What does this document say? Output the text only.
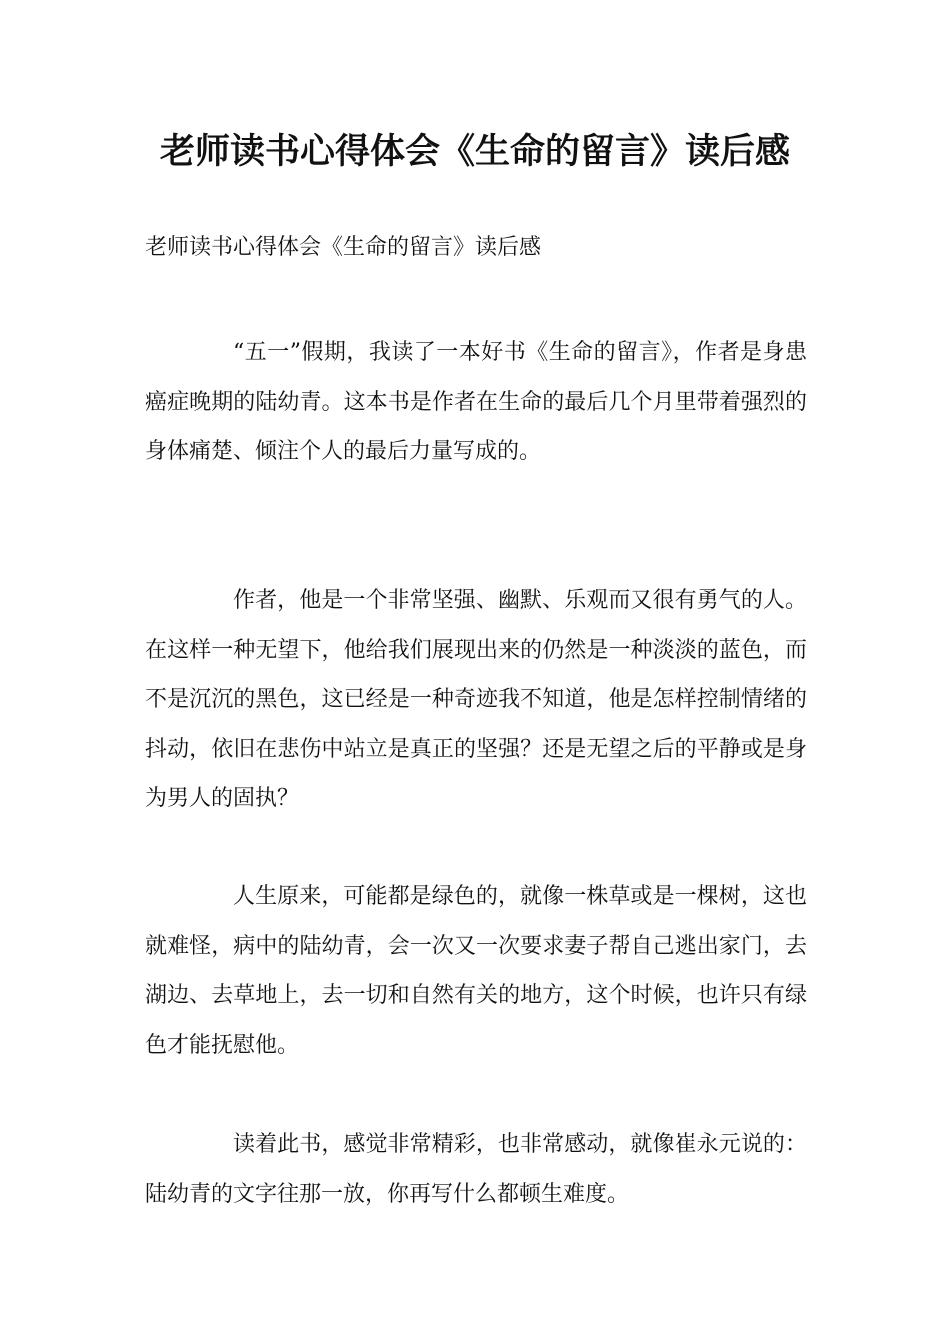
老师读书心得体会《生命的留言》读后感

老师读书心得体会《生命的留言》读后感

“五一”假期，我读了一本好书《生命的留言》，作者是身患癌症晚期的陆幼青。这本书是作者在生命的最后几个月里带着强烈的身体痛楚、倾注个人的最后力量写成的。

作者，他是一个非常坚强、幽默、乐观而又很有勇气的人。在这样一种无望下，他给我们展现出来的仍然是一种淡淡的蓝色，而不是沉沉的黑色，这已经是一种奇迹我不知道，他是怎样控制情绪的抖动，依旧在悲伤中站立是真正的坚强？还是无望之后的平静或是身为男人的固执？

人生原来，可能都是绿色的，就像一株草或是一棵树，这也就难怪，病中的陆幼青，会一次又一次要求妻子帮自己逃出家门，去湖边、去草地上，去一切和自然有关的地方，这个时候，也许只有绿色才能抚慰他。

读着此书，感觉非常精彩，也非常感动，就像崔永元说的：陆幼青的文字往那一放，你再写什么都顿生难度。
